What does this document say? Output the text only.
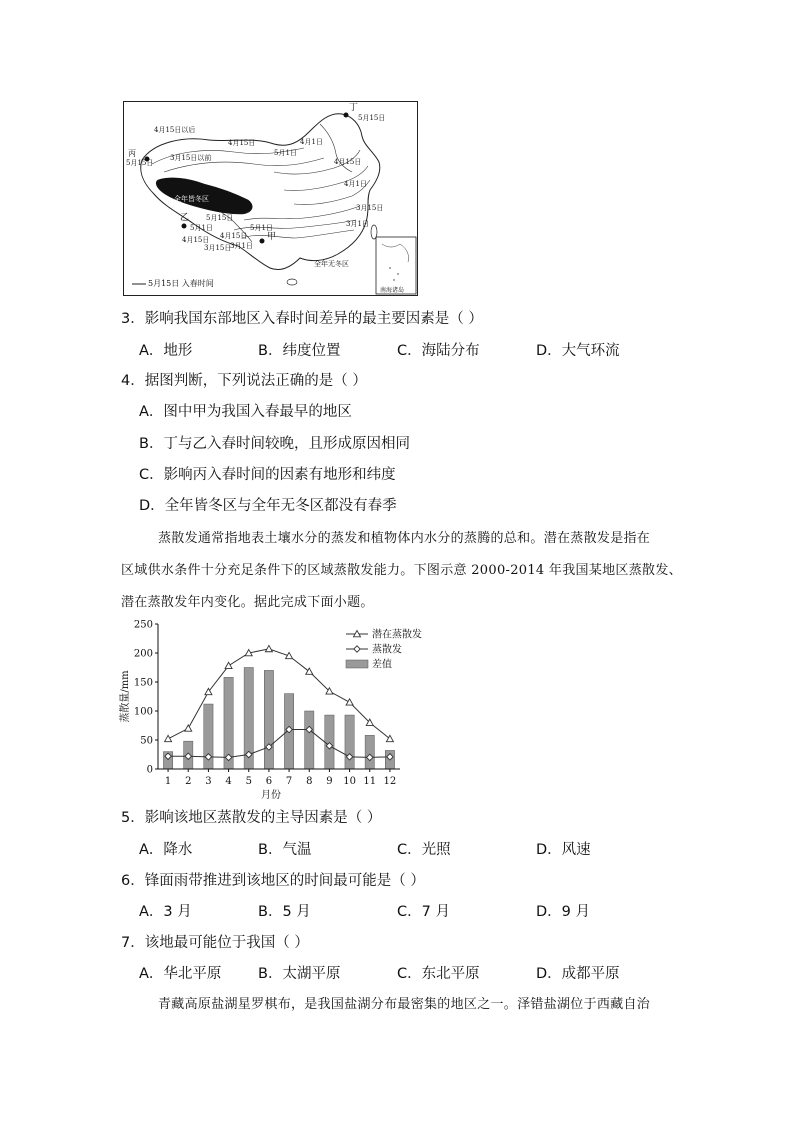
丁
丙
乙
甲
全年皆冬区
全年无冬区
4月15日以后
5月15日
3月15日以前
4月15日
5月1日
4月1日
5月15日	4月15日
4月1日
3月15日
3月1日
5月15日
5月1日
4月15日
5月1日
4月15日
3月15日
3月1日
南海诸岛
5月15日 入春时间
3．影响我国东部地区入春时间差异的最主要因素是（ ）
A．地形	B．纬度位置	C．海陆分布	D．大气环流
4．据图判断，下列说法正确的是（ ）
A．图中甲为我国入春最早的地区
B．丁与乙入春时间较晚，且形成原因相同
C．影响丙入春时间的因素有地形和纬度
D．全年皆冬区与全年无冬区都没有春季
蒸散发通常指地表土壤水分的蒸发和植物体内水分的蒸腾的总和。潜在蒸散发是指在
区域供水条件十分充足条件下的区域蒸散发能力。下图示意 2000-2014 年我国某地区蒸散发、
潜在蒸散发年内变化。据此完成下面小题。
0
50
100
150
200
250
1 2 3 4 5 6 7 8 9 10 11 12
月份
蒸散量/mm
潜在蒸散发
蒸散发
差值
5．影响该地区蒸散发的主导因素是（ ）
A．降水	B．气温	C．光照	D．风速
6．锋面雨带推进到该地区的时间最可能是（ ）
A．3 月	B．5 月	C．7 月	D．9 月
7．该地最可能位于我国（ ）
A．华北平原	B．太湖平原	C．东北平原	D．成都平原
青藏高原盐湖星罗棋布，是我国盐湖分布最密集的地区之一。泽错盐湖位于西藏自治
